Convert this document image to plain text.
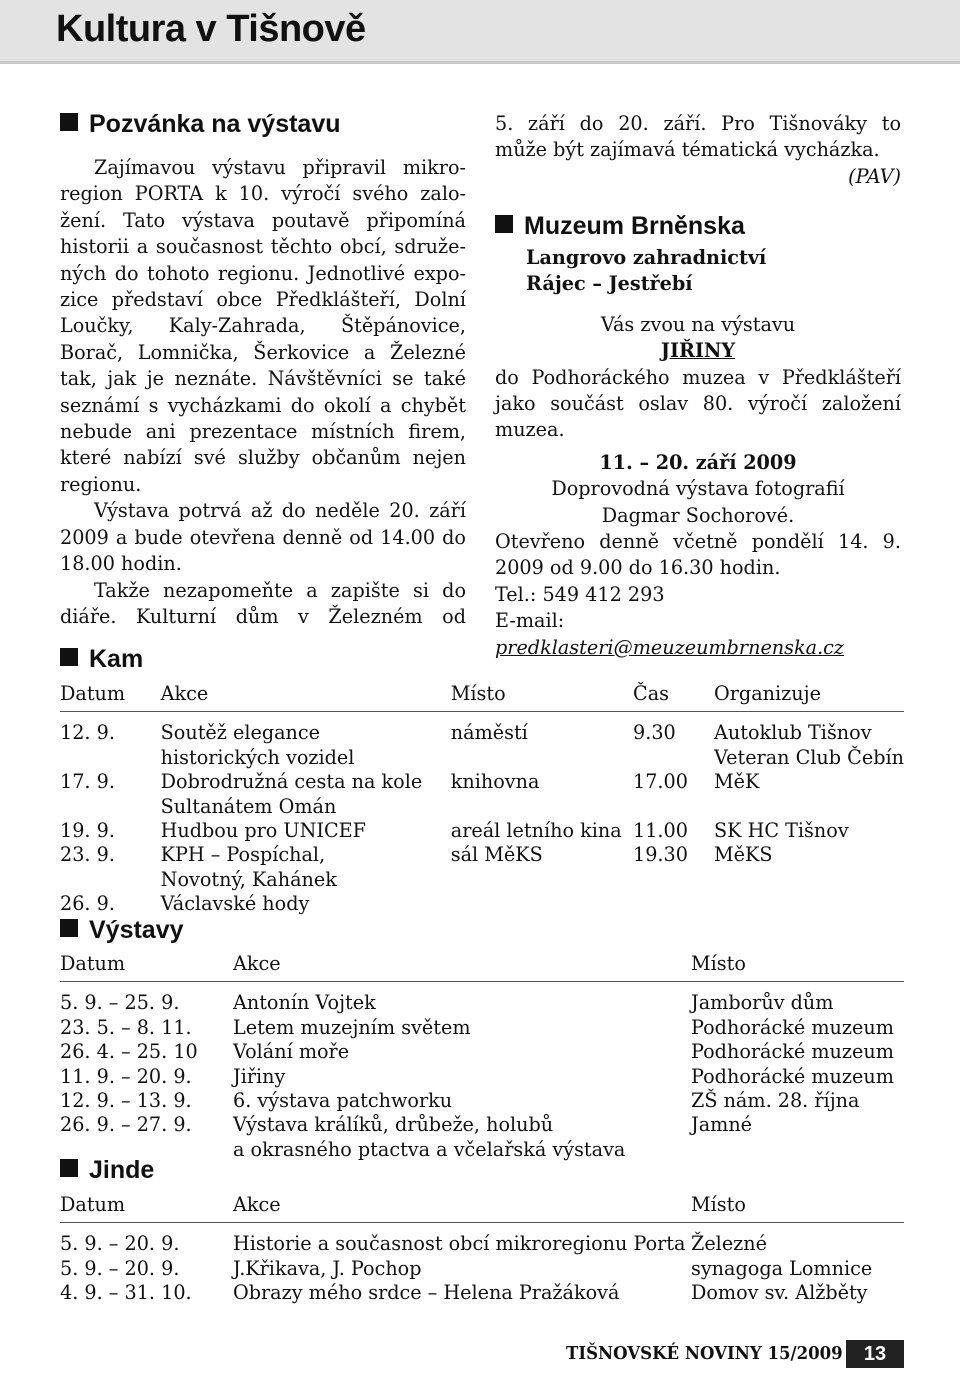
Kultura v Tišnově
Pozvánka na výstavu

Zajímavou výstavu připravil mikro-

region PORTA k 10. výročí svého zalo-

žení. Tato výstava poutavě připomíná

historii a současnost těchto obcí, sdruže-

ných do tohoto regionu. Jednotlivé expo-

zice představí obce Předklášteří, Dolní

Loučky, Kaly-Zahrada, Štěpánovice,

Borač, Lomnička, Šerkovice a Železné

tak, jak je neznáte. Návštěvníci se také

seznámí s vycházkami do okolí a chybět

nebude ani prezentace místních firem,

které nabízí své služby občanům nejen

regionu.

Výstava potrvá až do neděle 20. září

2009 a bude otevřena denně od 14.00 do

18.00 hodin.

Takže nezapomeňte a zapište si do

diáře. Kulturní dům v Železném od

5. září do 20. září. Pro Tišnováky to

může být zajímavá tématická vycházka.

(PAV)

Muzeum Brněnska

Langrovo zahradnictví

Rájec – Jestřebí

Vás zvou na výstavu

JIŘINY

do Podhoráckého muzea v Předklášteří

jako součást oslav 80. výročí založení

muzea.

11. – 20. září 2009

Doprovodná výstava fotografií

Dagmar Sochorové.

Otevřeno denně včetně pondělí 14. 9.

2009 od 9.00 do 16.30 hodin.

Tel.: 549 412 293

E-mail: predklasteri@meuzeumbrnenska.cz

Kam
Datum	Akce	Místo	Čas	Organizuje
12. 9.	Soutěž elegance	náměstí	9.30	Autoklub Tišnov
	historických vozidel			Veteran Club Čebín
17. 9.	Dobrodružná cesta na kole	knihovna	17.00	MěK
	Sultanátem Omán			
19. 9.	Hudbou pro UNICEF	areál letního kina	11.00	SK HC Tišnov
23. 9.	KPH – Pospíchal,	sál MěKS	19.30	MěKS
	Novotný, Kahánek			
26. 9.	Václavské hody			
Výstavy
Datum	Akce	Místo
5. 9. – 25. 9.	Antonín Vojtek	Jamborův dům
23. 5. – 8. 11.	Letem muzejním světem	Podhorácké muzeum
26. 4. – 25. 10	Volání moře	Podhorácké muzeum
11. 9. – 20. 9.	Jiřiny	Podhorácké muzeum
12. 9. – 13. 9.	6. výstava patchworku	ZŠ nám. 28. října
26. 9. – 27. 9.	Výstava králíků, drůbeže, holubů	Jamné
	a okrasného ptactva a včelařská výstava	
Jinde
Datum	Akce	Místo
5. 9. – 20. 9.	Historie a současnost obcí mikroregionu Porta	Železné
5. 9. – 20. 9.	J.Křikava, J. Pochop	synagoga Lomnice
4. 9. – 31. 10.	Obrazy mého srdce – Helena Pražáková	Domov sv. Alžběty
TIŠNOVSKÉ NOVINY 15/2009	13
